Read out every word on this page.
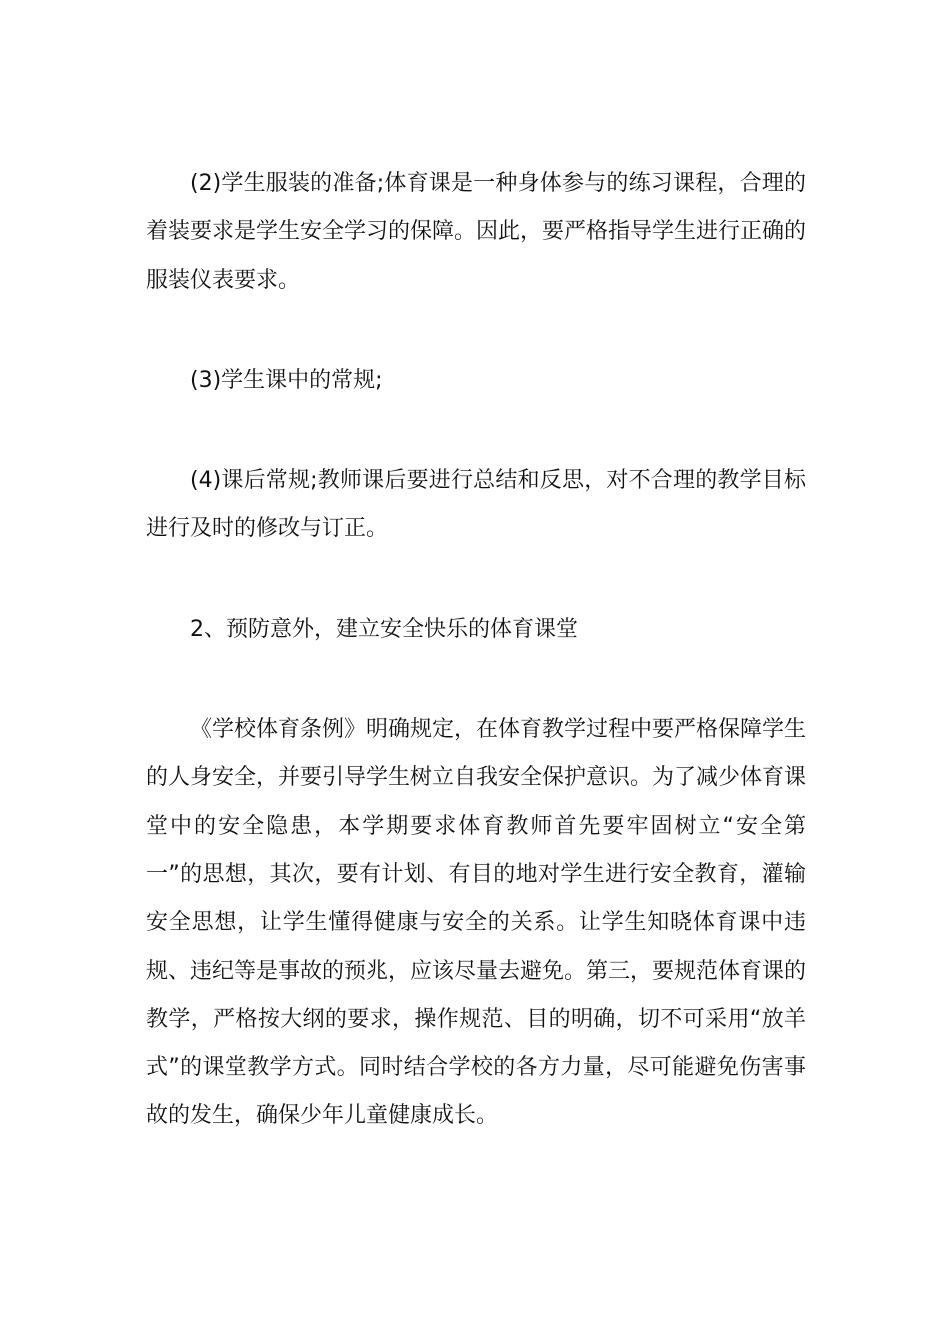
(2)学生服装的准备;体育课是一种身体参与的练习课程，合理的着装要求是学生安全学习的保障。因此，要严格指导学生进行正确的服装仪表要求。

(3)学生课中的常规;

(4)课后常规;教师课后要进行总结和反思，对不合理的教学目标进行及时的修改与订正。

2、预防意外，建立安全快乐的体育课堂

《学校体育条例》明确规定，在体育教学过程中要严格保障学生的人身安全，并要引导学生树立自我安全保护意识。为了减少体育课堂中的安全隐患，本学期要求体育教师首先要牢固树立“安全第一”的思想，其次，要有计划、有目的地对学生进行安全教育，灌输安全思想，让学生懂得健康与安全的关系。让学生知晓体育课中违规、违纪等是事故的预兆，应该尽量去避免。第三，要规范体育课的教学，严格按大纲的要求，操作规范、目的明确，切不可采用“放羊式”的课堂教学方式。同时结合学校的各方力量，尽可能避免伤害事故的发生，确保少年儿童健康成长。
